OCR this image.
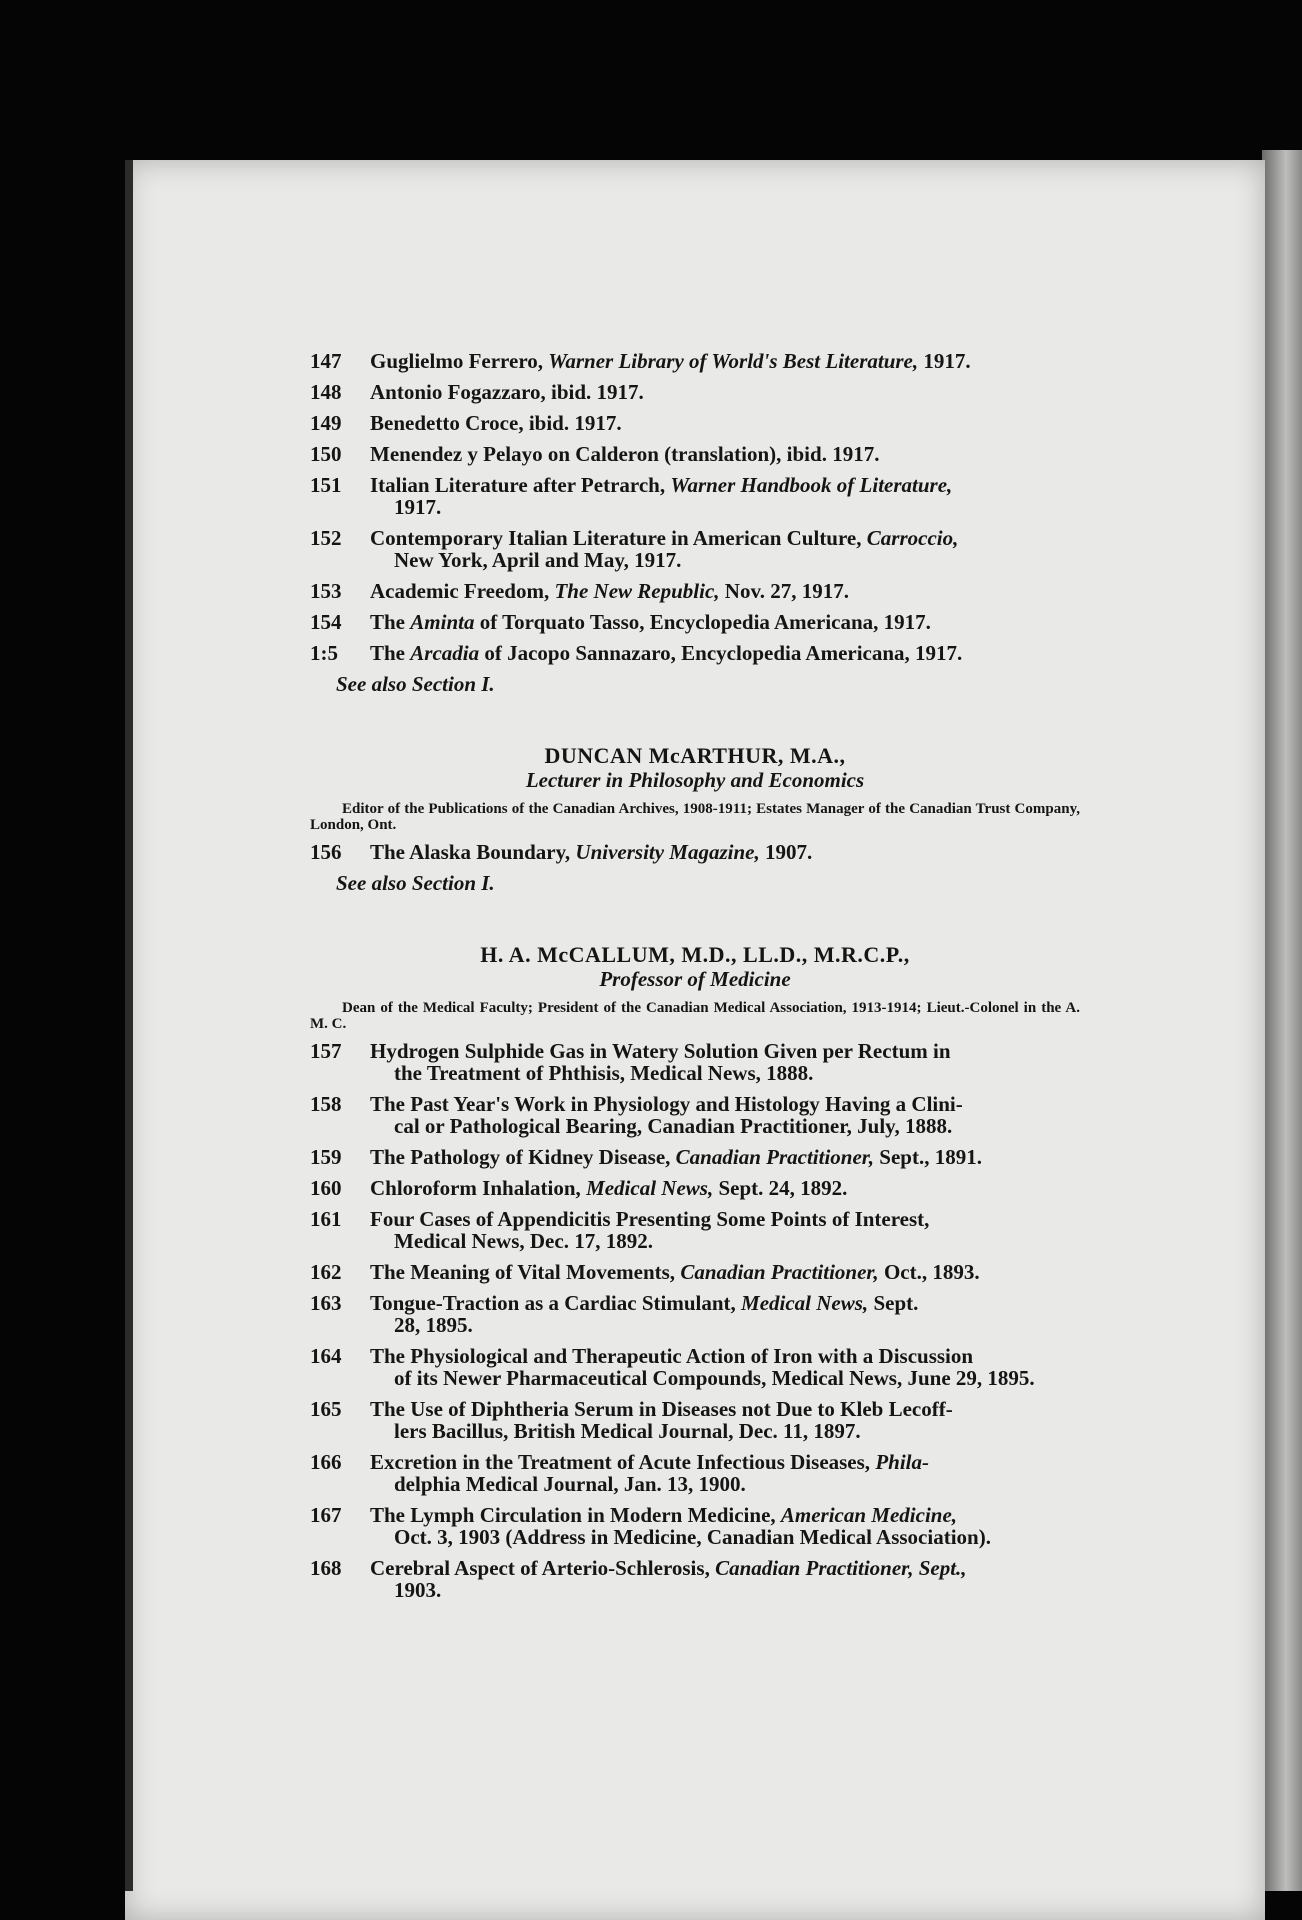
147	Guglielmo Ferrero, Warner Library of World's Best Literature, 1917.
148	Antonio Fogazzaro, ibid. 1917.
149	Benedetto Croce, ibid. 1917.
150	Menendez y Pelayo on Calderon (translation), ibid. 1917.
151	Italian Literature after Petrarch, Warner Handbook of Literature,
1917.
152	Contemporary Italian Literature in American Culture, Carroccio,
New York, April and May, 1917.
153	Academic Freedom, The New Republic, Nov. 27, 1917.
154	The Aminta of Torquato Tasso, Encyclopedia Americana, 1917.
1:5	The Arcadia of Jacopo Sannazaro, Encyclopedia Americana, 1917.
See also Section I.
DUNCAN McARTHUR, M.A.,
Lecturer in Philosophy and Economics
Editor of the Publications of the Canadian Archives, 1908-1911; Estates Manager of the Canadian Trust Company, London, Ont.
156	The Alaska Boundary, University Magazine, 1907.
See also Section I.
H. A. McCALLUM, M.D., LL.D., M.R.C.P.,
Professor of Medicine
Dean of the Medical Faculty; President of the Canadian Medical Association, 1913-1914; Lieut.-Colonel in the A. M. C.
157	Hydrogen Sulphide Gas in Watery Solution Given per Rectum in
the Treatment of Phthisis, Medical News, 1888.
158	The Past Year's Work in Physiology and Histology Having a Clini-
cal or Pathological Bearing, Canadian Practitioner, July, 1888.
159	The Pathology of Kidney Disease, Canadian Practitioner, Sept., 1891.
160	Chloroform Inhalation, Medical News, Sept. 24, 1892.
161	Four Cases of Appendicitis Presenting Some Points of Interest,
Medical News, Dec. 17, 1892.
162	The Meaning of Vital Movements, Canadian Practitioner, Oct., 1893.
163	Tongue-Traction as a Cardiac Stimulant, Medical News, Sept.
28, 1895.
164	The Physiological and Therapeutic Action of Iron with a Discussion
of its Newer Pharmaceutical Compounds, Medical News, June 29, 1895.
165	The Use of Diphtheria Serum in Diseases not Due to Kleb Lecoff-
lers Bacillus, British Medical Journal, Dec. 11, 1897.
166	Excretion in the Treatment of Acute Infectious Diseases, Phila-
delphia Medical Journal, Jan. 13, 1900.
167	The Lymph Circulation in Modern Medicine, American Medicine,
Oct. 3, 1903 (Address in Medicine, Canadian Medical Association).
168	Cerebral Aspect of Arterio-Schlerosis, Canadian Practitioner, Sept.,
1903.
